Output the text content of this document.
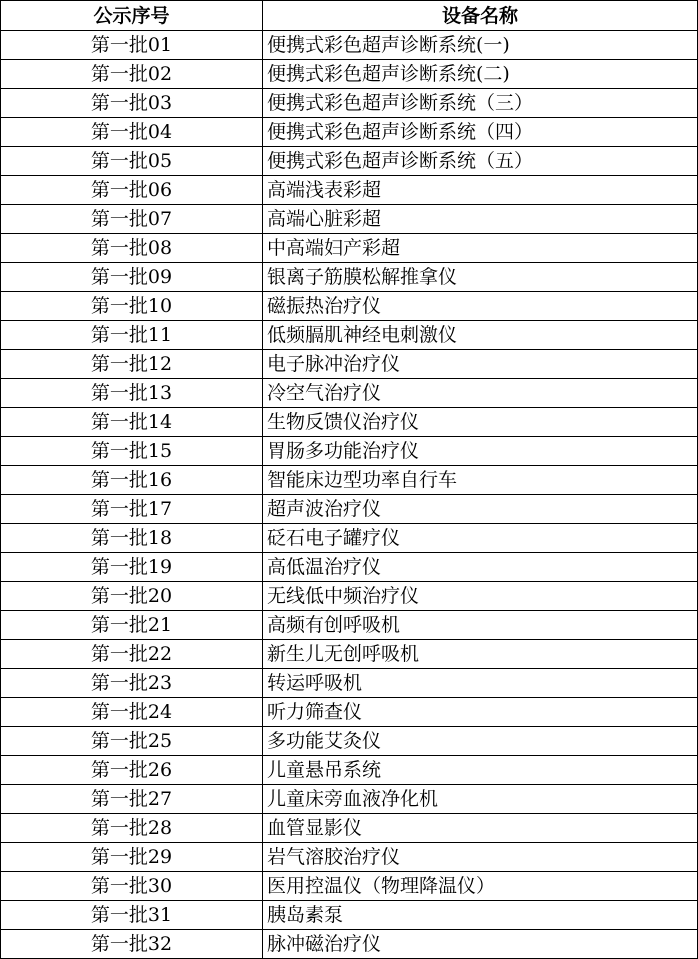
公示序号	设备名称
第一批01	便携式彩色超声诊断系统(一)
第一批02	便携式彩色超声诊断系统(二)
第一批03	便携式彩色超声诊断系统（三）
第一批04	便携式彩色超声诊断系统（四）
第一批05	便携式彩色超声诊断系统（五）
第一批06	高端浅表彩超
第一批07	高端心脏彩超
第一批08	中高端妇产彩超
第一批09	银离子筋膜松解推拿仪
第一批10	磁振热治疗仪
第一批11	低频膈肌神经电刺激仪
第一批12	电子脉冲治疗仪
第一批13	冷空气治疗仪
第一批14	生物反馈仪治疗仪
第一批15	胃肠多功能治疗仪
第一批16	智能床边型功率自行车
第一批17	超声波治疗仪
第一批18	砭石电子罐疗仪
第一批19	高低温治疗仪
第一批20	无线低中频治疗仪
第一批21	高频有创呼吸机
第一批22	新生儿无创呼吸机
第一批23	转运呼吸机
第一批24	听力筛查仪
第一批25	多功能艾灸仪
第一批26	儿童悬吊系统
第一批27	儿童床旁血液净化机
第一批28	血管显影仪
第一批29	岩气溶胶治疗仪
第一批30	医用控温仪（物理降温仪）
第一批31	胰岛素泵
第一批32	脉冲磁治疗仪
